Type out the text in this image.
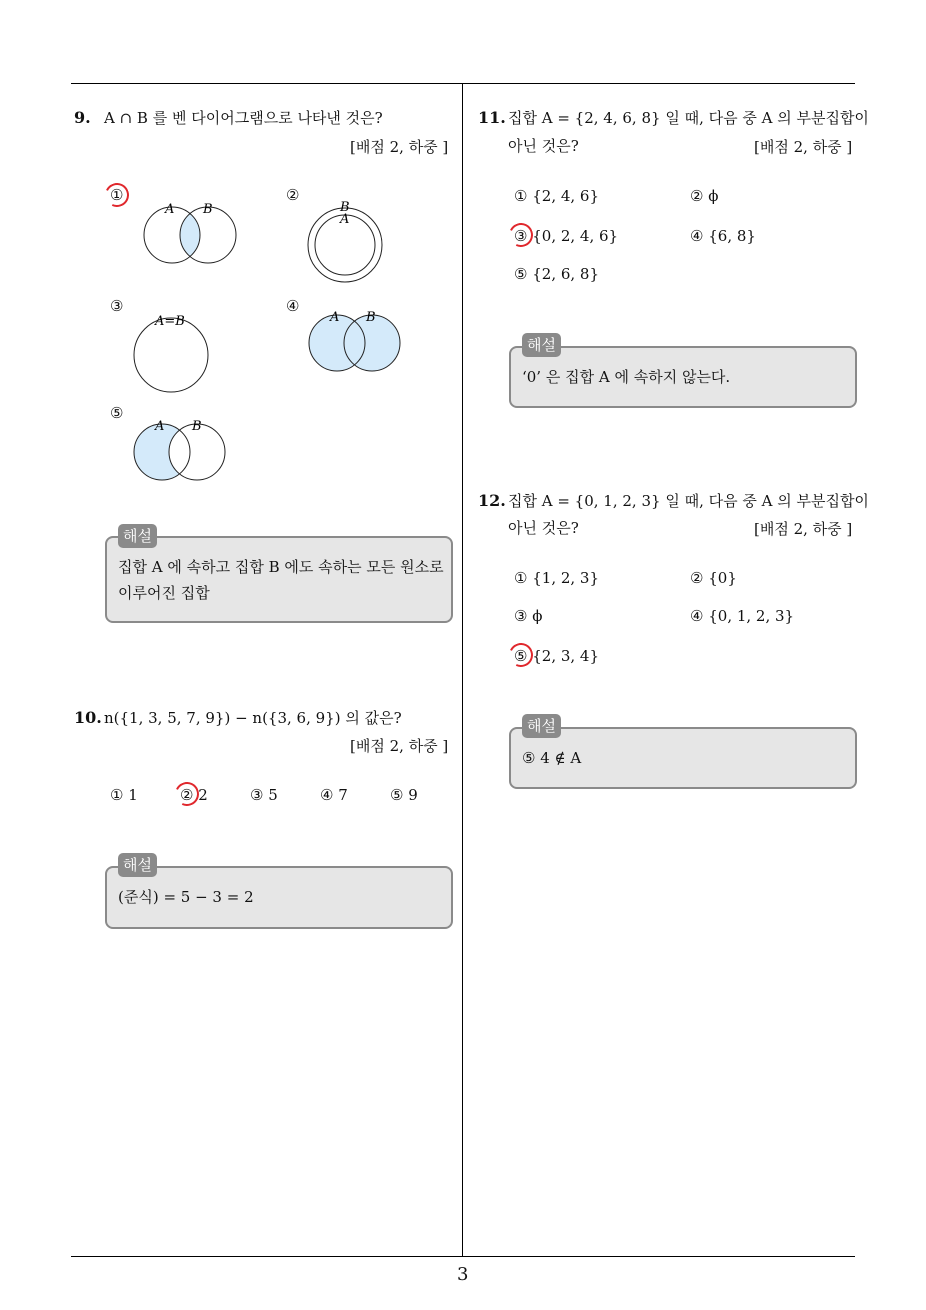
9. A ∩ B 를 벤 다이어그램으로 나타낸 것은?
[배점 2, 하중 ]
①
A B
②
B
A
③
A=B
④
A B
⑤
A B
해설
집합 A 에 속하고 집합 B 에도 속하는 모든 원소로
이루어진 집합
10. n({1, 3, 5, 7, 9}) − n({3, 6, 9}) 의 값은?
[배점 2, 하중 ]
① 1	② 2	③ 5	④ 7	⑤ 9
해설
(준식) = 5 − 3 = 2
11. 집합 A = {2, 4, 6, 8} 일 때, 다음 중 A 의 부분집합이
아닌 것은?	[배점 2, 하중 ]
① {2, 4, 6}	② ϕ
③ {0, 2, 4, 6}	④ {6, 8}
⑤ {2, 6, 8}
해설
‘0’ 은 집합 A 에 속하지 않는다.
12. 집합 A = {0, 1, 2, 3} 일 때, 다음 중 A 의 부분집합이
아닌 것은?	[배점 2, 하중 ]
① {1, 2, 3}	② {0}
③ ϕ	④ {0, 1, 2, 3}
⑤ {2, 3, 4}
해설
⑤ 4 ∉ A
3
